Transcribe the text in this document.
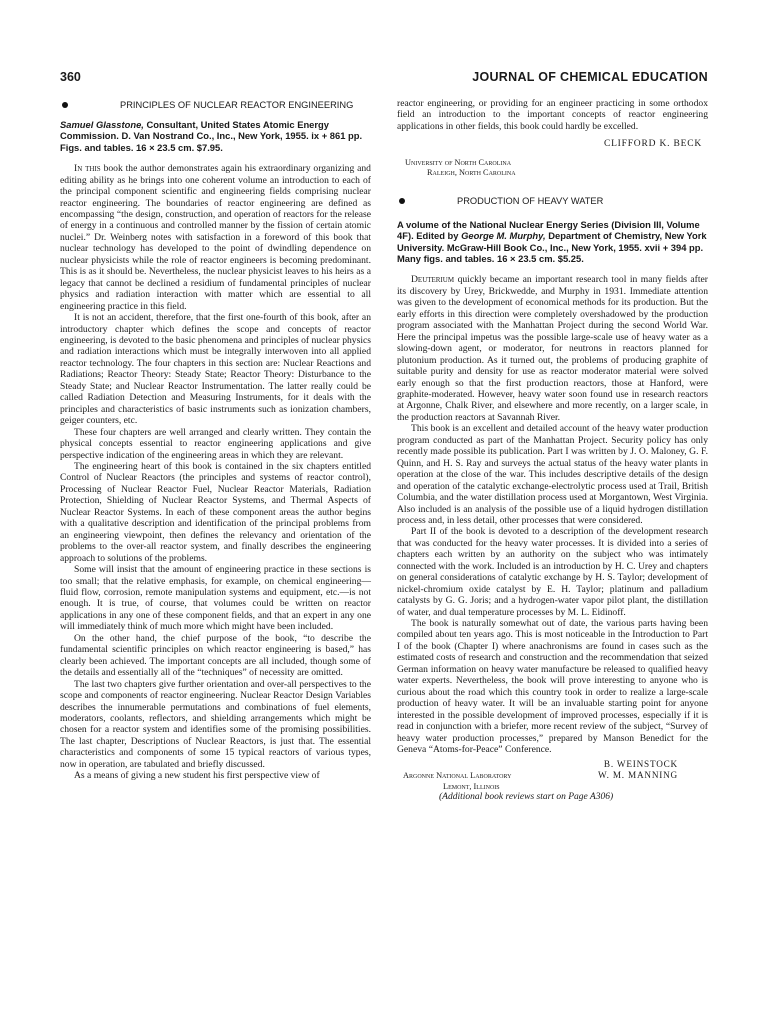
360	JOURNAL OF CHEMICAL EDUCATION
PRINCIPLES OF NUCLEAR REACTOR ENGINEERING
Samuel Glasstone, Consultant, United States Atomic Energy Commission. D. Van Nostrand Co., Inc., New York, 1955. ix + 861 pp. Figs. and tables. 16 × 23.5 cm. $7.95.

In this book the author demonstrates again his extraordinary organizing and editing ability as he brings into one coherent volume an introduction to each of the principal component scientific and engineering fields comprising nuclear reactor engineering. The boundaries of reactor engineering are defined as encompassing “the design, construction, and operation of reactors for the release of energy in a continuous and controlled manner by the fission of certain atomic nuclei.” Dr. Weinberg notes with satisfaction in a foreword of this book that nuclear technology has developed to the point of dwindling dependence on nuclear physicists while the role of reactor engineers is becoming predominant. This is as it should be. Nevertheless, the nuclear physicist leaves to his heirs as a legacy that cannot be declined a residium of fundamental principles of nuclear physics and radiation interaction with matter which are essential to all engineering practice in this field.

It is not an accident, therefore, that the first one-fourth of this book, after an introductory chapter which defines the scope and concepts of reactor engineering, is devoted to the basic phenomena and principles of nuclear physics and radiation interactions which must be integrally interwoven into all applied reactor technology. The four chapters in this section are: Nuclear Reactions and Radiations; Reactor Theory: Steady State; Reactor Theory: Disturbance to the Steady State; and Nuclear Reactor Instrumentation. The latter really could be called Radiation Detection and Measuring Instruments, for it deals with the principles and characteristics of basic instruments such as ionization chambers, geiger counters, etc.

These four chapters are well arranged and clearly written. They contain the physical concepts essential to reactor engineering applications and give perspective indication of the engineering areas in which they are relevant.

The engineering heart of this book is contained in the six chapters entitled Control of Nuclear Reactors (the principles and systems of reactor control), Processing of Nuclear Reactor Fuel, Nuclear Reactor Materials, Radiation Protection, Shielding of Nuclear Reactor Systems, and Thermal Aspects of Nuclear Reactor Systems. In each of these component areas the author begins with a qualitative description and identification of the principal problems from an engineering viewpoint, then defines the relevancy and orientation of the problems to the over-all reactor system, and finally describes the engineering approach to solutions of the problems.

Some will insist that the amount of engineering practice in these sections is too small; that the relative emphasis, for example, on chemical engineering—fluid flow, corrosion, remote manipulation systems and equipment, etc.—is not enough. It is true, of course, that volumes could be written on reactor applications in any one of these component fields, and that an expert in any one will immediately think of much more which might have been included.

On the other hand, the chief purpose of the book, “to describe the fundamental scientific principles on which reactor engineering is based,” has clearly been achieved. The important concepts are all included, though some of the details and essentially all of the “techniques” of necessity are omitted.

The last two chapters give further orientation and over-all perspectives to the scope and components of reactor engineering. Nuclear Reactor Design Variables describes the innumerable permutations and combinations of fuel elements, moderators, coolants, reflectors, and shielding arrangements which might be chosen for a reactor system and identifies some of the promising possibilities. The last chapter, Descriptions of Nuclear Reactors, is just that. The essential characteristics and components of some 15 typical reactors of various types, now in operation, are tabulated and briefly discussed.

As a means of giving a new student his first perspective view of

reactor engineering, or providing for an engineer practicing in some orthodox field an introduction to the important concepts of reactor engineering applications in other fields, this book could hardly be excelled.

CLIFFORD K. BECK
University of North Carolina
Raleigh, North Carolina
PRODUCTION OF HEAVY WATER
A volume of the National Nuclear Energy Series (Division III, Volume 4F). Edited by George M. Murphy, Department of Chemistry, New York University. McGraw-Hill Book Co., Inc., New York, 1955. xvii + 394 pp. Many figs. and tables. 16 × 23.5 cm. $5.25.

Deuterium quickly became an important research tool in many fields after its discovery by Urey, Brickwedde, and Murphy in 1931. Immediate attention was given to the development of economical methods for its production. But the early efforts in this direction were completely overshadowed by the production program associated with the Manhattan Project during the second World War. Here the principal impetus was the possible large-scale use of heavy water as a slowing-down agent, or moderator, for neutrons in reactors planned for plutonium production. As it turned out, the problems of producing graphite of suitable purity and density for use as reactor moderator material were solved early enough so that the first production reactors, those at Hanford, were graphite-moderated. However, heavy water soon found use in research reactors at Argonne, Chalk River, and elsewhere and more recently, on a larger scale, in the production reactors at Savannah River.

This book is an excellent and detailed account of the heavy water production program conducted as part of the Manhattan Project. Security policy has only recently made possible its publication. Part I was written by J. O. Maloney, G. F. Quinn, and H. S. Ray and surveys the actual status of the heavy water plants in operation at the close of the war. This includes descriptive details of the design and operation of the catalytic exchange-electrolytic process used at Trail, British Columbia, and the water distillation process used at Morgantown, West Virginia. Also included is an analysis of the possible use of a liquid hydrogen distillation process and, in less detail, other processes that were considered.

Part II of the book is devoted to a description of the development research that was conducted for the heavy water processes. It is divided into a series of chapters each written by an authority on the subject who was intimately connected with the work. Included is an introduction by H. C. Urey and chapters on general considerations of catalytic exchange by H. S. Taylor; development of nickel-chromium oxide catalyst by E. H. Taylor; platinum and palladium catalysts by G. G. Joris; and a hydrogen-water vapor pilot plant, the distillation of water, and dual temperature processes by M. L. Eidinoff.

The book is naturally somewhat out of date, the various parts having been compiled about ten years ago. This is most noticeable in the Introduction to Part I of the book (Chapter I) where anachronisms are found in cases such as the estimated costs of research and construction and the recommendation that seized German information on heavy water manufacture be released to qualified heavy water experts. Nevertheless, the book will prove interesting to anyone who is curious about the road which this country took in order to realize a large-scale production of heavy water. It will be an invaluable starting point for anyone interested in the possible development of improved processes, especially if it is read in conjunction with a briefer, more recent review of the subject, “Survey of heavy water production processes,” prepared by Manson Benedict for the Geneva “Atoms-for-Peace” Conference.

B. WEINSTOCK
Argonne National Laboratory	W. M. MANNING
Lemont, Illinois
(Additional book reviews start on Page A306)
